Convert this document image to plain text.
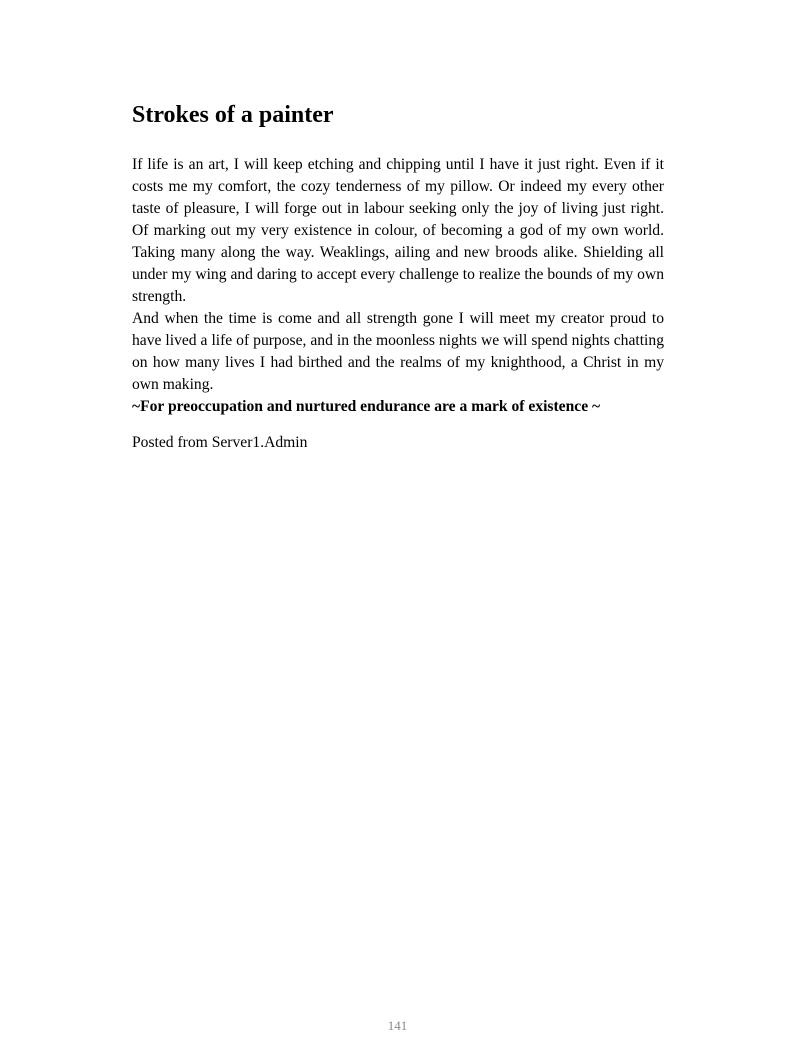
Strokes of a painter

If life is an art, I will keep etching and chipping until I have it just right. Even if it costs me my comfort, the cozy tenderness of my pillow. Or indeed my every other taste of pleasure, I will forge out in labour seeking only the joy of living just right. Of marking out my very existence in colour, of becoming a god of my own world. Taking many along the way. Weaklings, ailing and new broods alike. Shielding all under my wing and daring to accept every challenge to realize the bounds of my own strength.

And when the time is come and all strength gone I will meet my creator proud to have lived a life of purpose, and in the moonless nights we will spend nights chatting on how many lives I had birthed and the realms of my knighthood, a Christ in my own making.

~For preoccupation and nurtured endurance are a mark of existence ~

Posted from Server1.Admin

141
